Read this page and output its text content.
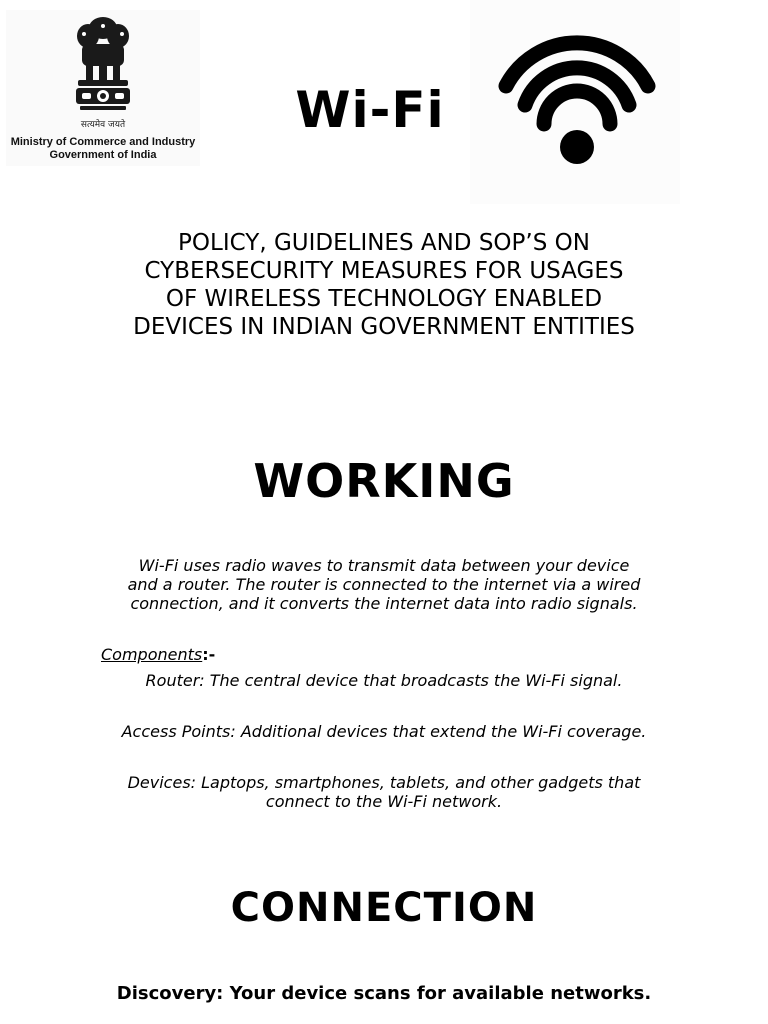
सत्यमेव जयते
Ministry of Commerce and Industry
Government of India
Wi-Fi
POLICY, GUIDELINES AND SOP’S ON
CYBERSECURITY MEASURES FOR USAGES
OF WIRELESS TECHNOLOGY ENABLED
DEVICES IN INDIAN GOVERNMENT ENTITIES
WORKING
Wi-Fi uses radio waves to transmit data between your device
and a router. The router is connected to the internet via a wired
connection, and it converts the internet data into radio signals.
Components:-
Router: The central device that broadcasts the Wi-Fi signal.
Access Points: Additional devices that extend the Wi-Fi coverage.
Devices: Laptops, smartphones, tablets, and other gadgets that
connect to the Wi-Fi network.
CONNECTION
Discovery: Your device scans for available networks.
